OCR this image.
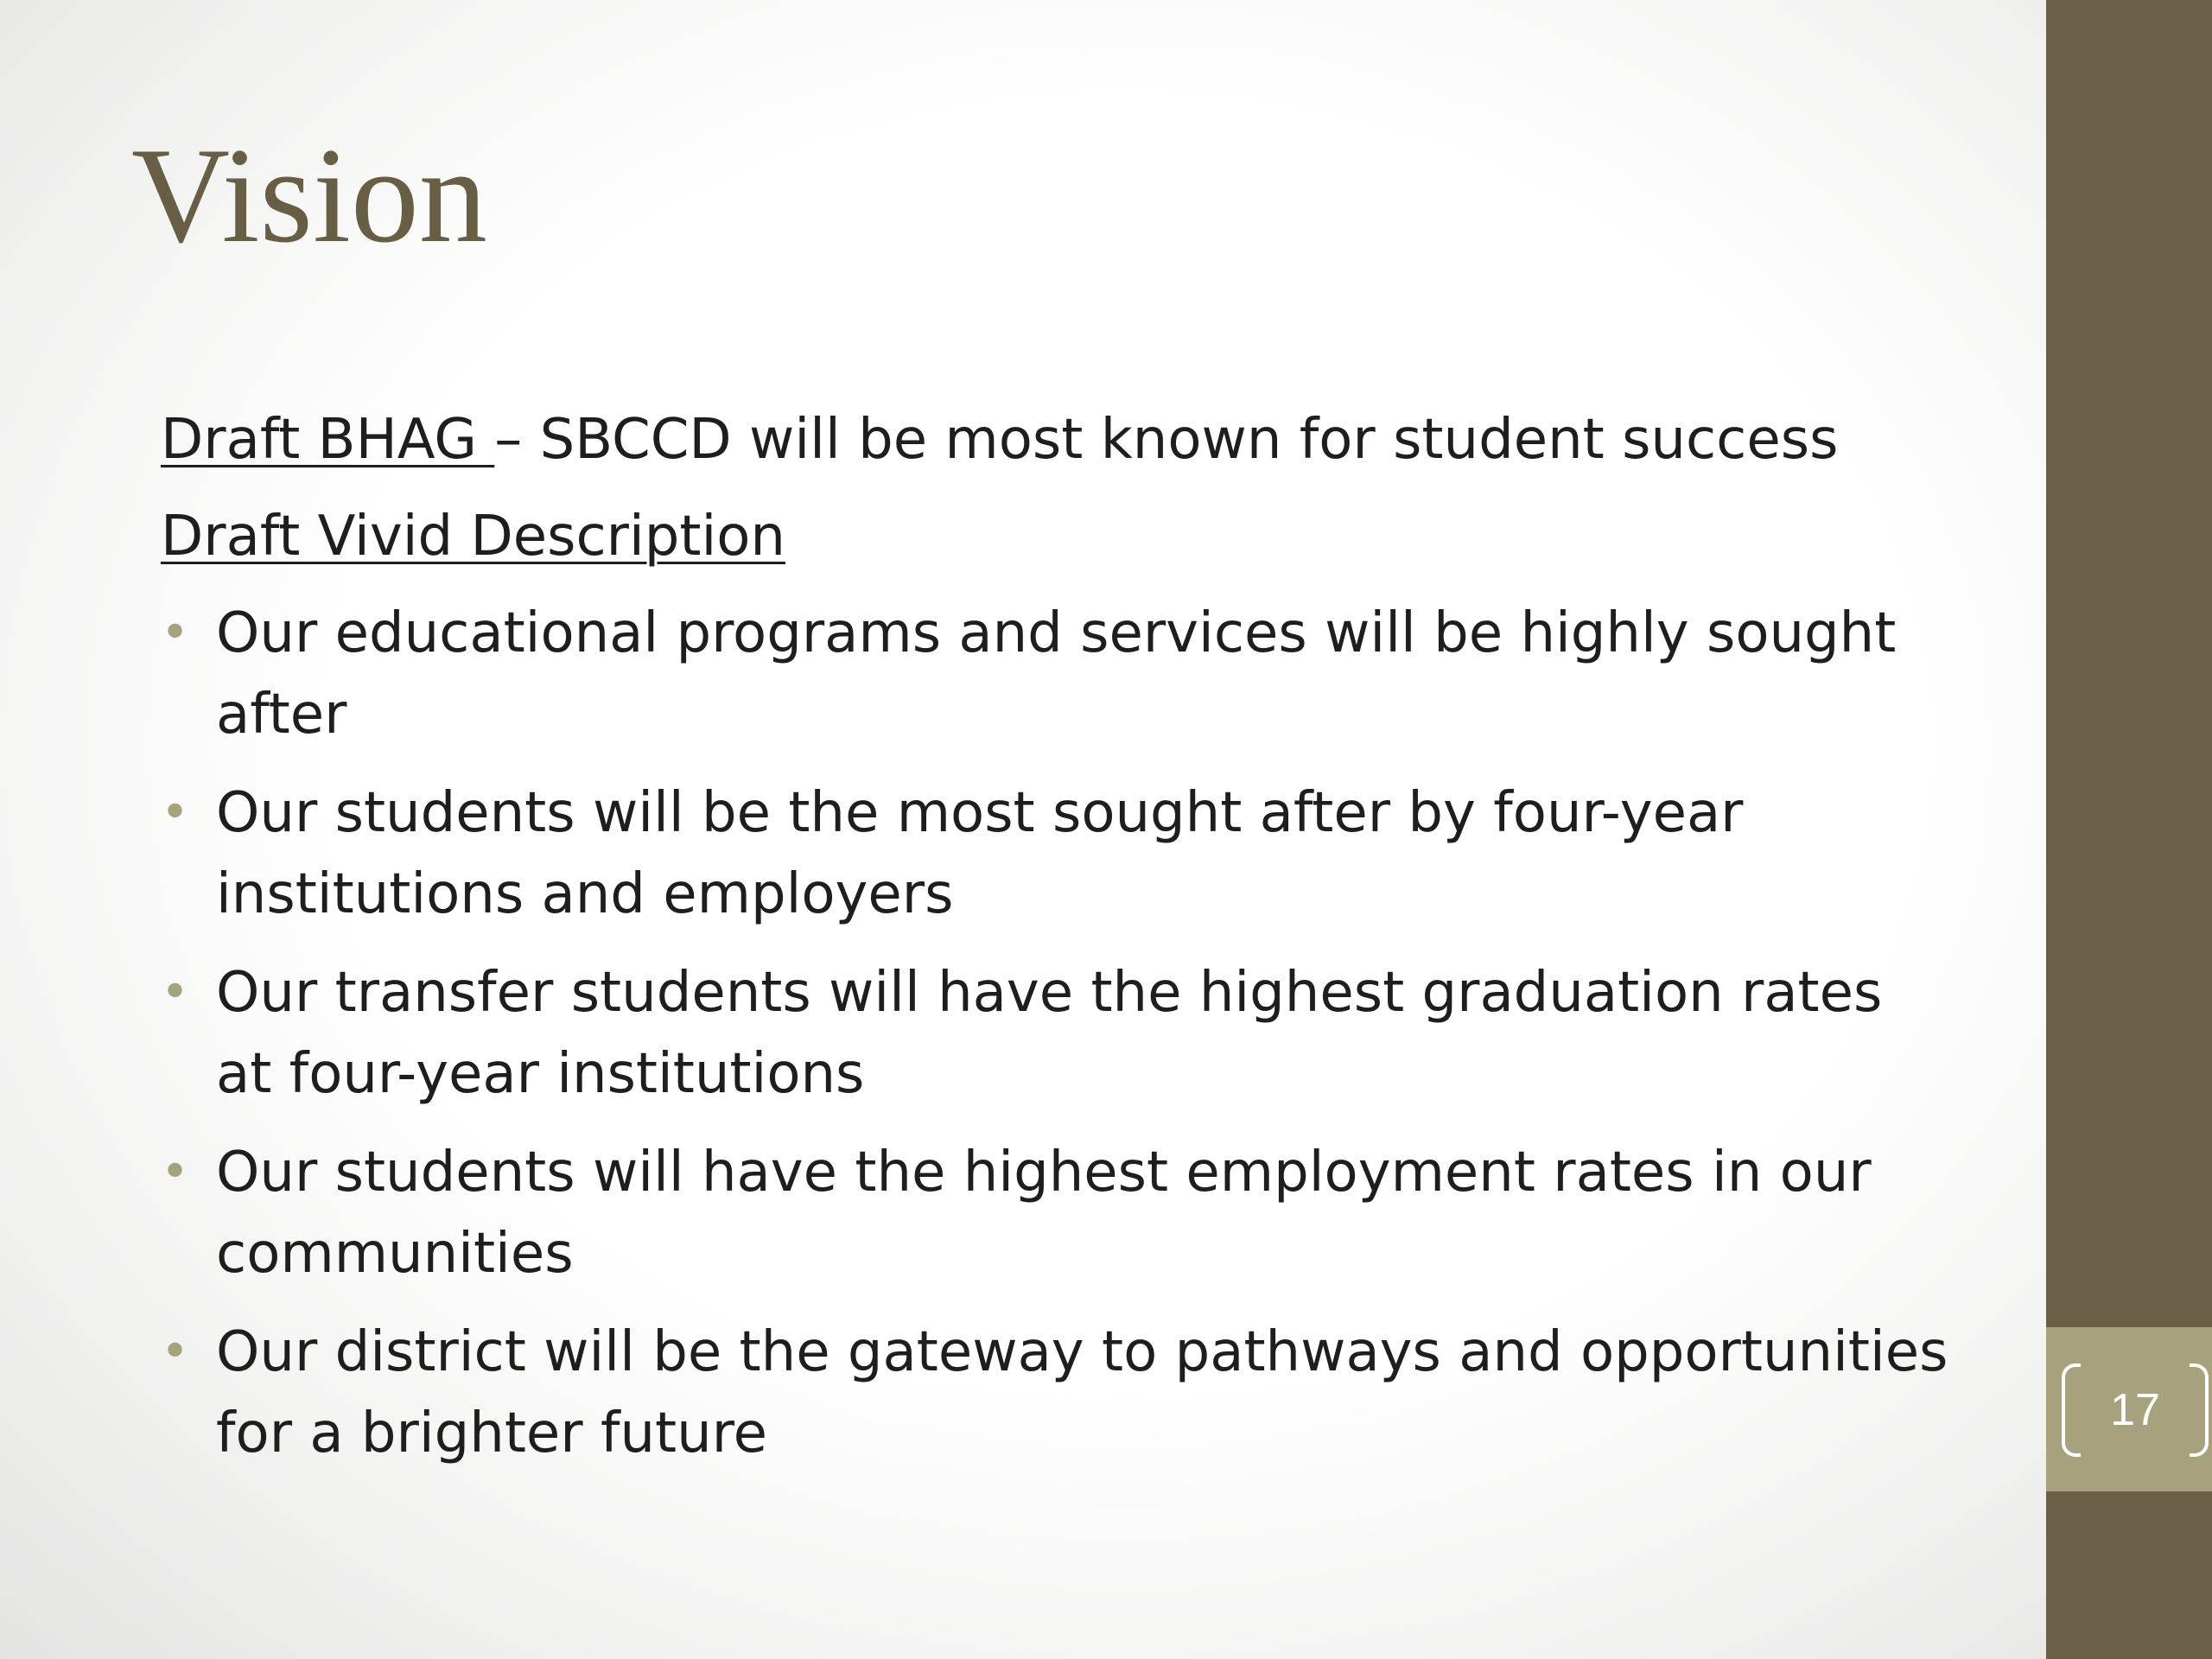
Vision

Draft BHAG – SBCCD will be most known for student success

Draft Vivid Description

• Our educational programs and services will be highly sought after
• Our students will be the most sought after by four-year institutions and employers
• Our transfer students will have the highest graduation rates at four-year institutions
• Our students will have the highest employment rates in our communities
• Our district will be the gateway to pathways and opportunities for a brighter future	17
